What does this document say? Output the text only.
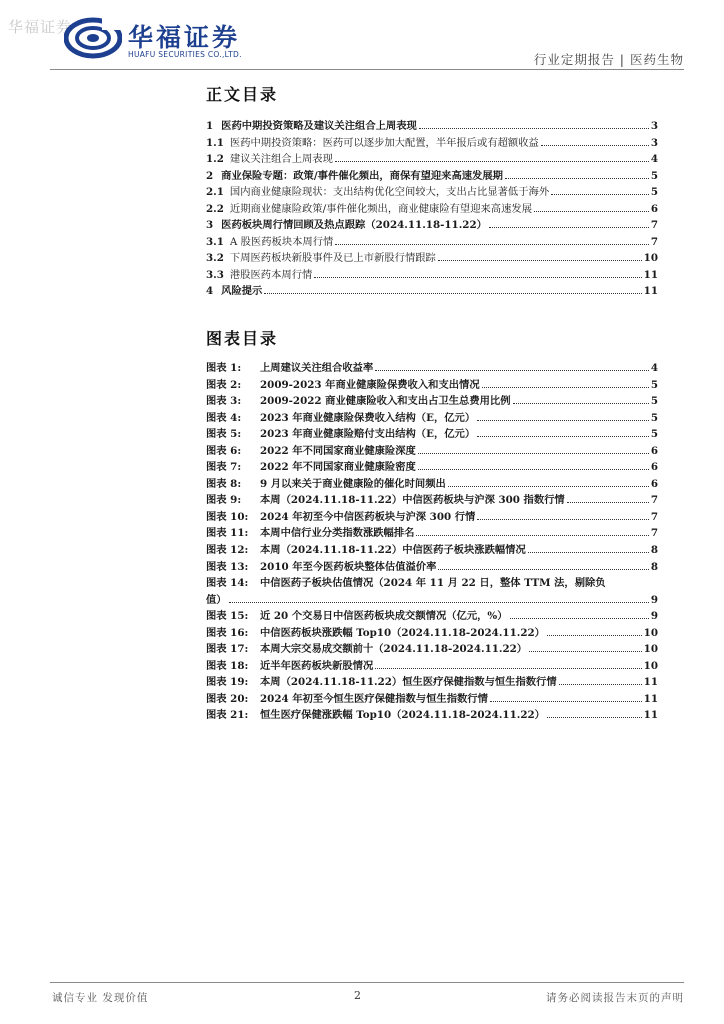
华福证券 华福证券
HUAFU SECURITIES CO.,LTD.	行业定期报告 | 医药生物
正文目录
1 医药中期投资策略及建议关注组合上周表现	3
1.1 医药中期投资策略：医药可以逐步加大配置，半年报后或有超额收益	3
1.2 建议关注组合上周表现	4
2 商业保险专题：政策/事件催化频出，商保有望迎来高速发展期	5
2.1 国内商业健康险现状：支出结构优化空间较大，支出占比显著低于海外	5
2.2 近期商业健康险政策/事件催化频出，商业健康险有望迎来高速发展	6
3 医药板块周行情回顾及热点跟踪（2024.11.18-11.22）	7
3.1 A 股医药板块本周行情	7
3.2 下周医药板块新股事件及已上市新股行情跟踪	10
3.3 港股医药本周行情	11
4 风险提示	11
图表目录
图表 1:	上周建议关注组合收益率	4
图表 2:	2009-2023 年商业健康险保费收入和支出情况	5
图表 3:	2009-2022 商业健康险收入和支出占卫生总费用比例	5
图表 4:	2023 年商业健康险保费收入结构（E，亿元）	5
图表 5:	2023 年商业健康险赔付支出结构（E，亿元）	5
图表 6:	2022 年不同国家商业健康险深度	6
图表 7:	2022 年不同国家商业健康险密度	6
图表 8:	9 月以来关于商业健康险的催化时间频出	6
图表 9:	本周（2024.11.18-11.22）中信医药板块与沪深 300 指数行情	7
图表 10:	2024 年初至今中信医药板块与沪深 300 行情	7
图表 11:	本周中信行业分类指数涨跌幅排名	7
图表 12:	本周（2024.11.18-11.22）中信医药子板块涨跌幅情况	8
图表 13:	2010 年至今医药板块整体估值溢价率	8
图表 14: 中信医药子板块估值情况（2024 年 11 月 22 日，整体 TTM 法，剔除负
值）	9
图表 15:	近 20 个交易日中信医药板块成交额情况（亿元，%）	9
图表 16:	中信医药板块涨跌幅 Top10（2024.11.18-2024.11.22）	10
图表 17:	本周大宗交易成交额前十（2024.11.18-2024.11.22）	10
图表 18:	近半年医药板块新股情况	10
图表 19:	本周（2024.11.18-11.22）恒生医疗保健指数与恒生指数行情	11
图表 20:	2024 年初至今恒生医疗保健指数与恒生指数行情	11
图表 21:	恒生医疗保健涨跌幅 Top10（2024.11.18-2024.11.22）	11
诚信专业 发现价值	2	请务必阅读报告末页的声明
